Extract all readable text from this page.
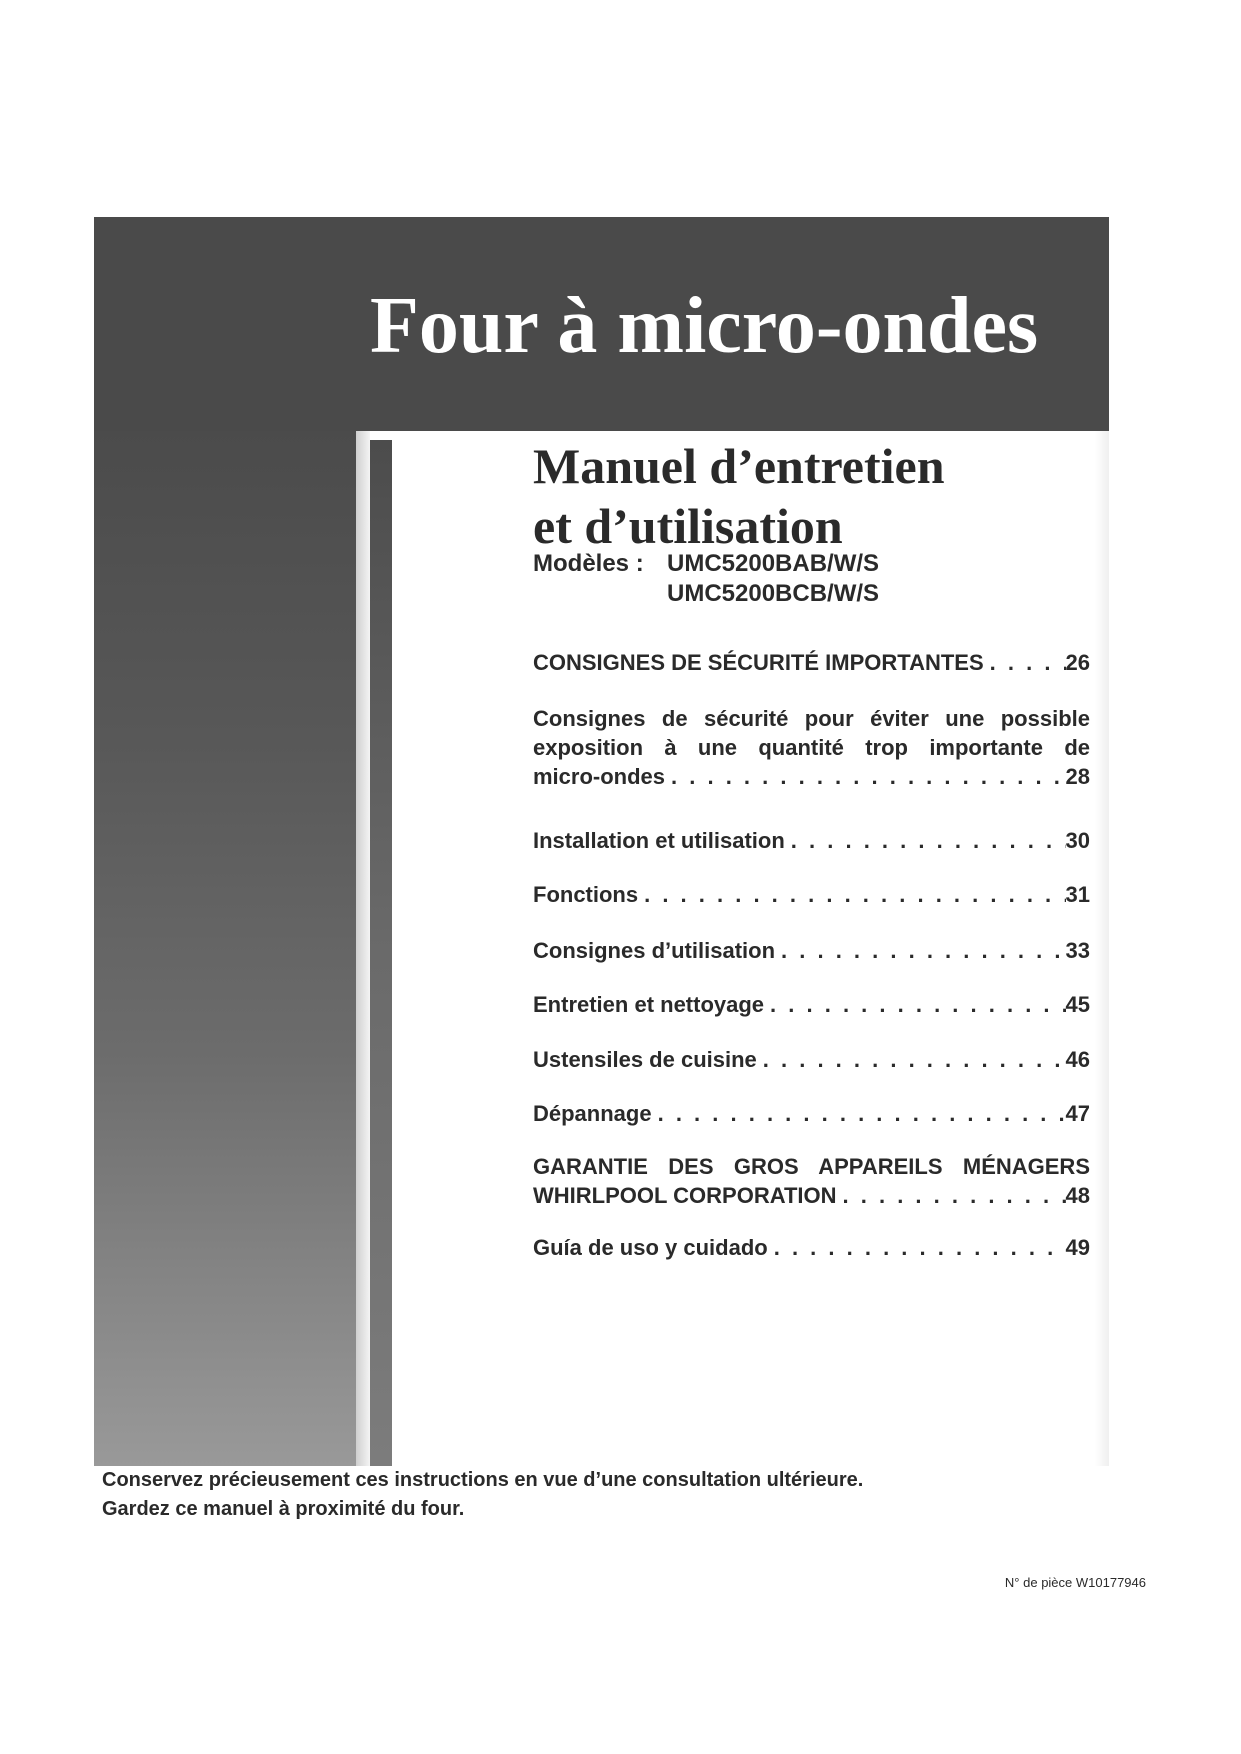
Four à micro-ondes
Manuel d’entretien
et d’utilisation
Modèles : UMC5200BAB/W/S
UMC5200BCB/W/S
CONSIGNES DE SÉCURITÉ IMPORTANTES . . .	26
Consignes de sécurité pour éviter une possible
exposition à une quantité trop importante de
micro-ondes . . .	28
Installation et utilisation . . .	30
Fonctions . . .	31
Consignes d’utilisation . . .	33
Entretien et nettoyage . . .	45
Ustensiles de cuisine . . .	46
Dépannage . . .	47
GARANTIE DES GROS APPAREILS MÉNAGERS
WHIRLPOOL CORPORATION . . .	48
Guía de uso y cuidado . . .	49
Conservez précieusement ces instructions en vue d’une consultation ultérieure.
Gardez ce manuel à proximité du four.
N° de pièce W10177946
